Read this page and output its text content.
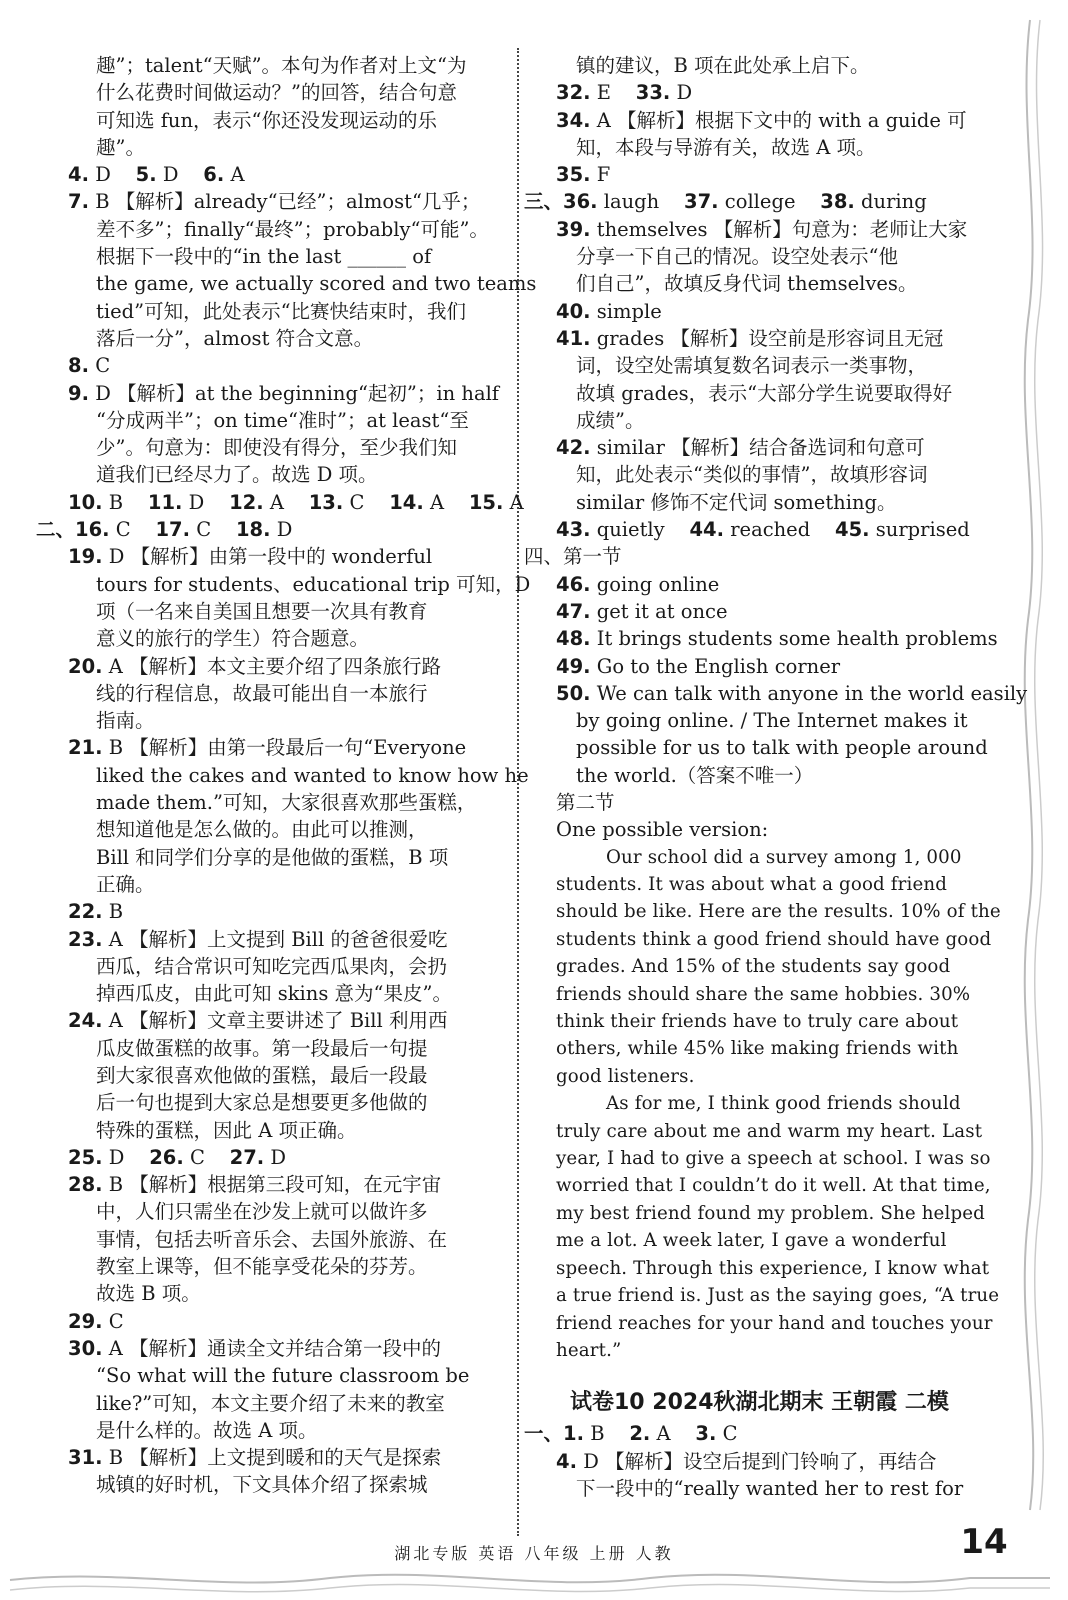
趣”；talent“天赋”。本句为作者对上文“为
什么花费时间做运动？”的回答，结合句意
可知选 fun，表示“你还没发现运动的乐
趣”。
4. D 5. D 6. A
7. B 【解析】already“已经”；almost“几乎；
差不多”；finally“最终”；probably“可能”。
根据下一段中的“in the last ______ of
the game, we actually scored and two teams
tied”可知，此处表示“比赛快结束时，我们
落后一分”，almost 符合文意。
8. C
9. D 【解析】at the beginning“起初”；in half
“分成两半”；on time“准时”；at least“至
少”。句意为：即使没有得分，至少我们知
道我们已经尽力了。故选 D 项。
10. B 11. D 12. A 13. C 14. A 15. A
二、16. C 17. C 18. D
19. D 【解析】由第一段中的 wonderful
tours for students、educational trip 可知，D
项（一名来自美国且想要一次具有教育
意义的旅行的学生）符合题意。
20. A 【解析】本文主要介绍了四条旅行路
线的行程信息，故最可能出自一本旅行
指南。
21. B 【解析】由第一段最后一句“Everyone
liked the cakes and wanted to know how he
made them.”可知，大家很喜欢那些蛋糕，
想知道他是怎么做的。由此可以推测，
Bill 和同学们分享的是他做的蛋糕，B 项
正确。
22. B
23. A 【解析】上文提到 Bill 的爸爸很爱吃
西瓜，结合常识可知吃完西瓜果肉，会扔
掉西瓜皮，由此可知 skins 意为“果皮”。
24. A 【解析】文章主要讲述了 Bill 利用西
瓜皮做蛋糕的故事。第一段最后一句提
到大家很喜欢他做的蛋糕，最后一段最
后一句也提到大家总是想要更多他做的
特殊的蛋糕，因此 A 项正确。
25. D 26. C 27. D
28. B 【解析】根据第三段可知，在元宇宙
中，人们只需坐在沙发上就可以做许多
事情，包括去听音乐会、去国外旅游、在
教室上课等，但不能享受花朵的芬芳。
故选 B 项。
29. C
30. A 【解析】通读全文并结合第一段中的
“So what will the future classroom be
like?”可知，本文主要介绍了未来的教室
是什么样的。故选 A 项。
31. B 【解析】上文提到暖和的天气是探索
城镇的好时机，下文具体介绍了探索城
镇的建议，B 项在此处承上启下。
32. E 33. D
34. A 【解析】根据下文中的 with a guide 可
知，本段与导游有关，故选 A 项。
35. F
三、36. laugh 37. college 38. during
39. themselves 【解析】句意为：老师让大家
分享一下自己的情况。设空处表示“他
们自己”，故填反身代词 themselves。
40. simple
41. grades 【解析】设空前是形容词且无冠
词，设空处需填复数名词表示一类事物，
故填 grades，表示“大部分学生说要取得好
成绩”。
42. similar 【解析】结合备选词和句意可
知，此处表示“类似的事情”，故填形容词
similar 修饰不定代词 something。
43. quietly 44. reached 45. surprised
四、第一节
46. going online
47. get it at once
48. It brings students some health problems
49. Go to the English corner
50. We can talk with anyone in the world easily
by going online. / The Internet makes it
possible for us to talk with people around
the world.（答案不唯一）
第二节
One possible version:
Our school did a survey among 1, 000
students. It was about what a good friend
should be like. Here are the results. 10% of the
students think a good friend should have good
grades. And 15% of the students say good
friends should share the same hobbies. 30%
think their friends have to truly care about
others, while 45% like making friends with
good listeners.
As for me, I think good friends should
truly care about me and warm my heart. Last
year, I had to give a speech at school. I was so
worried that I couldn’t do it well. At that time,
my best friend found my problem. She helped
me a lot. A week later, I gave a wonderful
speech. Through this experience, I know what
a true friend is. Just as the saying goes, “A true
friend reaches for your hand and touches your
heart.”
试卷10 2024秋湖北期末 王朝霞 二模
一、1. B 2. A 3. C
4. D 【解析】设空后提到门铃响了，再结合
下一段中的“really wanted her to rest for
湖北专版 英语 八年级 上册 人教	14
